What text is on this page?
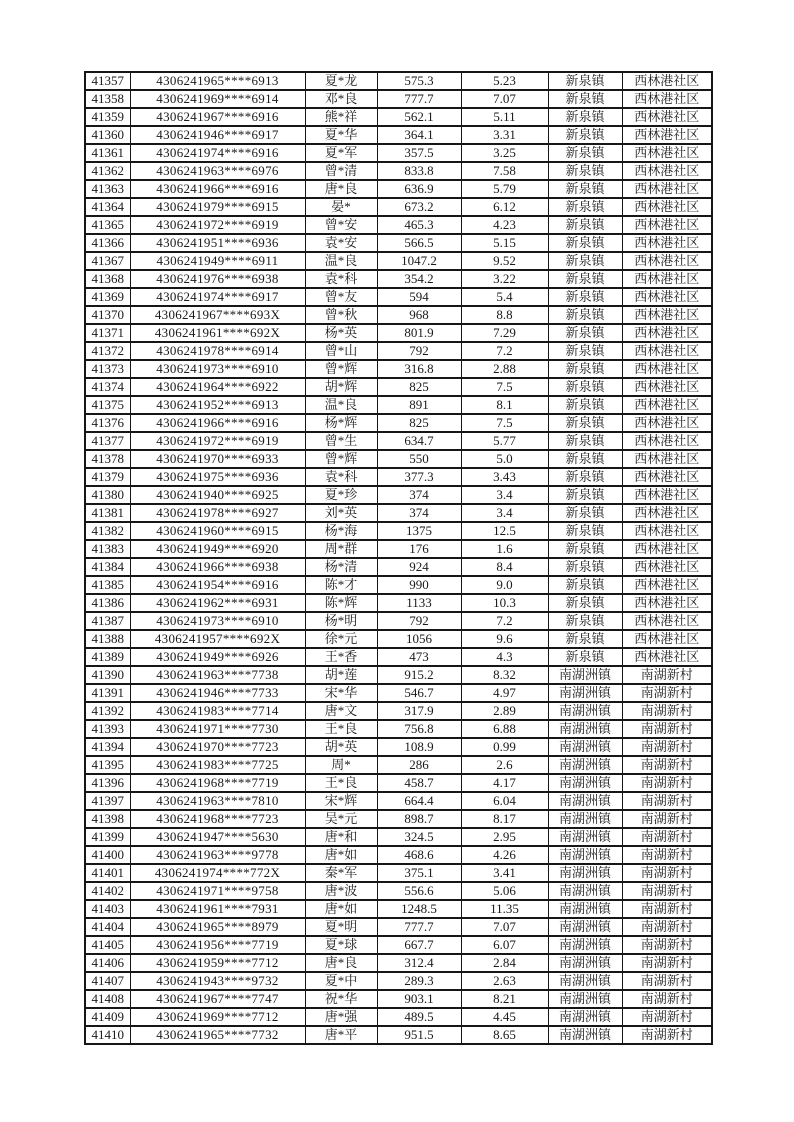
41357	4306241965****6913	夏*龙	575.3	5.23	新泉镇	西林港社区
41358	4306241969****6914	邓*良	777.7	7.07	新泉镇	西林港社区
41359	4306241967****6916	熊*祥	562.1	5.11	新泉镇	西林港社区
41360	4306241946****6917	夏*华	364.1	3.31	新泉镇	西林港社区
41361	4306241974****6916	夏*军	357.5	3.25	新泉镇	西林港社区
41362	4306241963****6976	曾*清	833.8	7.58	新泉镇	西林港社区
41363	4306241966****6916	唐*良	636.9	5.79	新泉镇	西林港社区
41364	4306241979****6915	晏*	673.2	6.12	新泉镇	西林港社区
41365	4306241972****6919	曾*安	465.3	4.23	新泉镇	西林港社区
41366	4306241951****6936	袁*安	566.5	5.15	新泉镇	西林港社区
41367	4306241949****6911	温*良	1047.2	9.52	新泉镇	西林港社区
41368	4306241976****6938	袁*科	354.2	3.22	新泉镇	西林港社区
41369	4306241974****6917	曾*友	594	5.4	新泉镇	西林港社区
41370	4306241967****693X	曾*秋	968	8.8	新泉镇	西林港社区
41371	4306241961****692X	杨*英	801.9	7.29	新泉镇	西林港社区
41372	4306241978****6914	曾*山	792	7.2	新泉镇	西林港社区
41373	4306241973****6910	曾*辉	316.8	2.88	新泉镇	西林港社区
41374	4306241964****6922	胡*辉	825	7.5	新泉镇	西林港社区
41375	4306241952****6913	温*良	891	8.1	新泉镇	西林港社区
41376	4306241966****6916	杨*辉	825	7.5	新泉镇	西林港社区
41377	4306241972****6919	曾*生	634.7	5.77	新泉镇	西林港社区
41378	4306241970****6933	曾*辉	550	5.0	新泉镇	西林港社区
41379	4306241975****6936	袁*科	377.3	3.43	新泉镇	西林港社区
41380	4306241940****6925	夏*珍	374	3.4	新泉镇	西林港社区
41381	4306241978****6927	刘*英	374	3.4	新泉镇	西林港社区
41382	4306241960****6915	杨*海	1375	12.5	新泉镇	西林港社区
41383	4306241949****6920	周*群	176	1.6	新泉镇	西林港社区
41384	4306241966****6938	杨*清	924	8.4	新泉镇	西林港社区
41385	4306241954****6916	陈*才	990	9.0	新泉镇	西林港社区
41386	4306241962****6931	陈*辉	1133	10.3	新泉镇	西林港社区
41387	4306241973****6910	杨*明	792	7.2	新泉镇	西林港社区
41388	4306241957****692X	徐*元	1056	9.6	新泉镇	西林港社区
41389	4306241949****6926	王*香	473	4.3	新泉镇	西林港社区
41390	4306241963****7738	胡*莲	915.2	8.32	南湖洲镇	南湖新村
41391	4306241946****7733	宋*华	546.7	4.97	南湖洲镇	南湖新村
41392	4306241983****7714	唐*文	317.9	2.89	南湖洲镇	南湖新村
41393	4306241971****7730	王*良	756.8	6.88	南湖洲镇	南湖新村
41394	4306241970****7723	胡*英	108.9	0.99	南湖洲镇	南湖新村
41395	4306241983****7725	周*	286	2.6	南湖洲镇	南湖新村
41396	4306241968****7719	王*良	458.7	4.17	南湖洲镇	南湖新村
41397	4306241963****7810	宋*辉	664.4	6.04	南湖洲镇	南湖新村
41398	4306241968****7723	吴*元	898.7	8.17	南湖洲镇	南湖新村
41399	4306241947****5630	唐*和	324.5	2.95	南湖洲镇	南湖新村
41400	4306241963****9778	唐*如	468.6	4.26	南湖洲镇	南湖新村
41401	4306241974****772X	秦*军	375.1	3.41	南湖洲镇	南湖新村
41402	4306241971****9758	唐*波	556.6	5.06	南湖洲镇	南湖新村
41403	4306241961****7931	唐*如	1248.5	11.35	南湖洲镇	南湖新村
41404	4306241965****8979	夏*明	777.7	7.07	南湖洲镇	南湖新村
41405	4306241956****7719	夏*球	667.7	6.07	南湖洲镇	南湖新村
41406	4306241959****7712	唐*良	312.4	2.84	南湖洲镇	南湖新村
41407	4306241943****9732	夏*中	289.3	2.63	南湖洲镇	南湖新村
41408	4306241967****7747	祝*华	903.1	8.21	南湖洲镇	南湖新村
41409	4306241969****7712	唐*强	489.5	4.45	南湖洲镇	南湖新村
41410	4306241965****7732	唐*平	951.5	8.65	南湖洲镇	南湖新村
